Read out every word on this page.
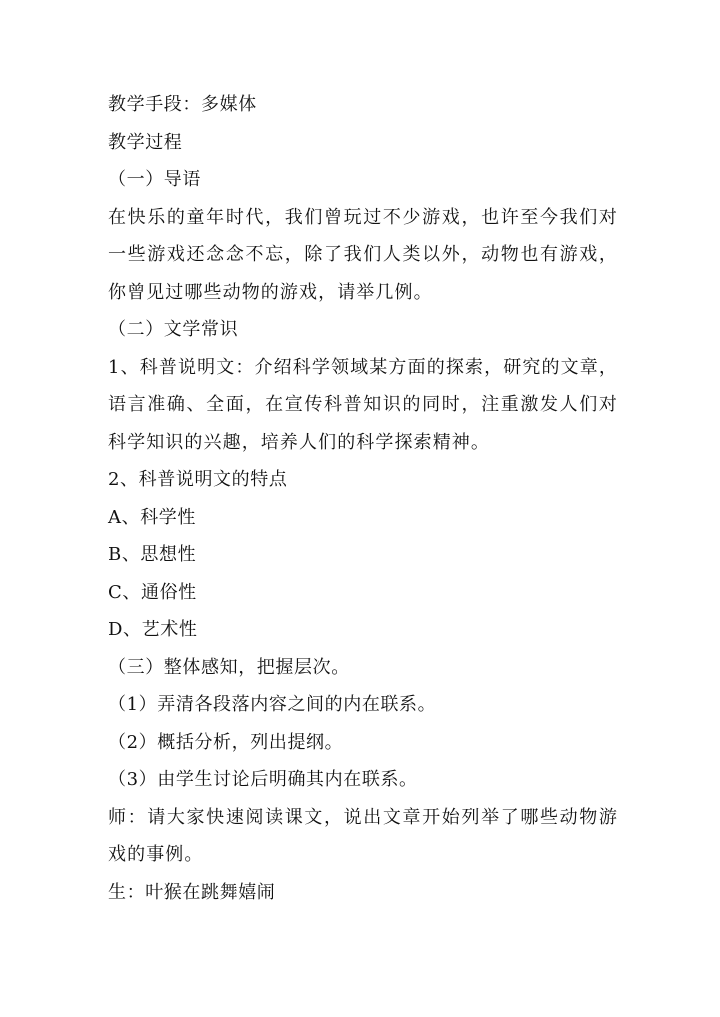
教学手段：多媒体
教学过程
（一）导语
在快乐的童年时代，我们曾玩过不少游戏，也许至今我们对一些游戏还念念不忘，除了我们人类以外，动物也有游戏，你曾见过哪些动物的游戏，请举几例。
（二）文学常识
1、科普说明文：介绍科学领域某方面的探索，研究的文章，语言准确、全面，在宣传科普知识的同时，注重激发人们对科学知识的兴趣，培养人们的科学探索精神。
2、科普说明文的特点
A、科学性
B、思想性
C、通俗性
D、艺术性
（三）整体感知，把握层次。
（1）弄清各段落内容之间的内在联系。
（2）概括分析，列出提纲。
（3）由学生讨论后明确其内在联系。
师：请大家快速阅读课文，说出文章开始列举了哪些动物游戏的事例。
生：叶猴在跳舞嬉闹
